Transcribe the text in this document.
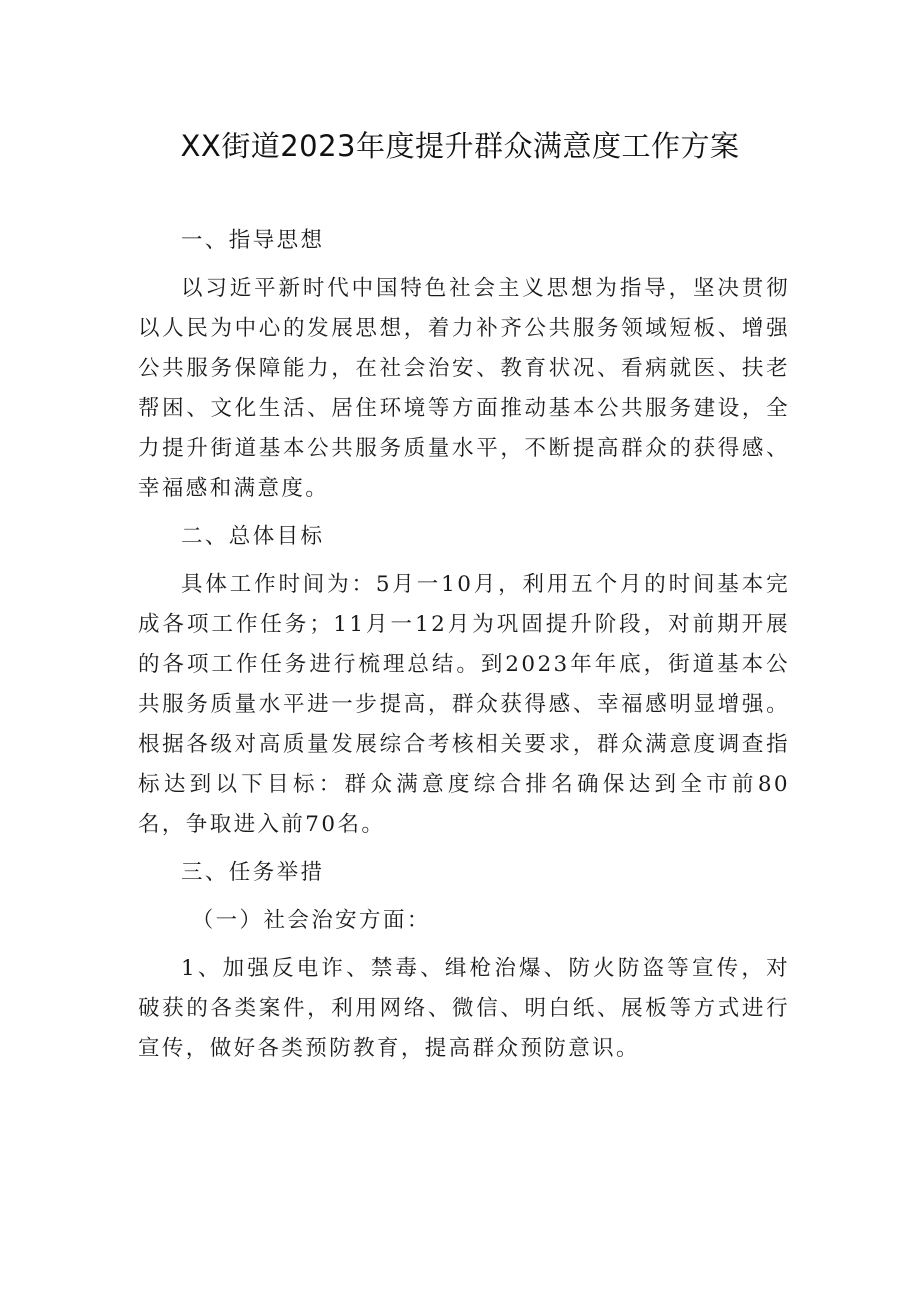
XX街道2023年度提升群众满意度工作方案

一、指导思想

以习近平新时代中国特色社会主义思想为指导，坚决贯彻以人民为中心的发展思想，着力补齐公共服务领域短板、增强公共服务保障能力，在社会治安、教育状况、看病就医、扶老帮困、文化生活、居住环境等方面推动基本公共服务建设，全力提升街道基本公共服务质量水平，不断提高群众的获得感、幸福感和满意度。

二、总体目标

具体工作时间为：5月一10月，利用五个月的时间基本完成各项工作任务；11月一12月为巩固提升阶段，对前期开展的各项工作任务进行梳理总结。到2023年年底，街道基本公共服务质量水平进一步提高，群众获得感、幸福感明显增强。根据各级对高质量发展综合考核相关要求，群众满意度调查指标达到以下目标：群众满意度综合排名确保达到全市前80名，争取进入前70名。

三、任务举措

（一）社会治安方面：

1、加强反电诈、禁毒、缉枪治爆、防火防盗等宣传，对破获的各类案件，利用网络、微信、明白纸、展板等方式进行宣传，做好各类预防教育，提高群众预防意识。
